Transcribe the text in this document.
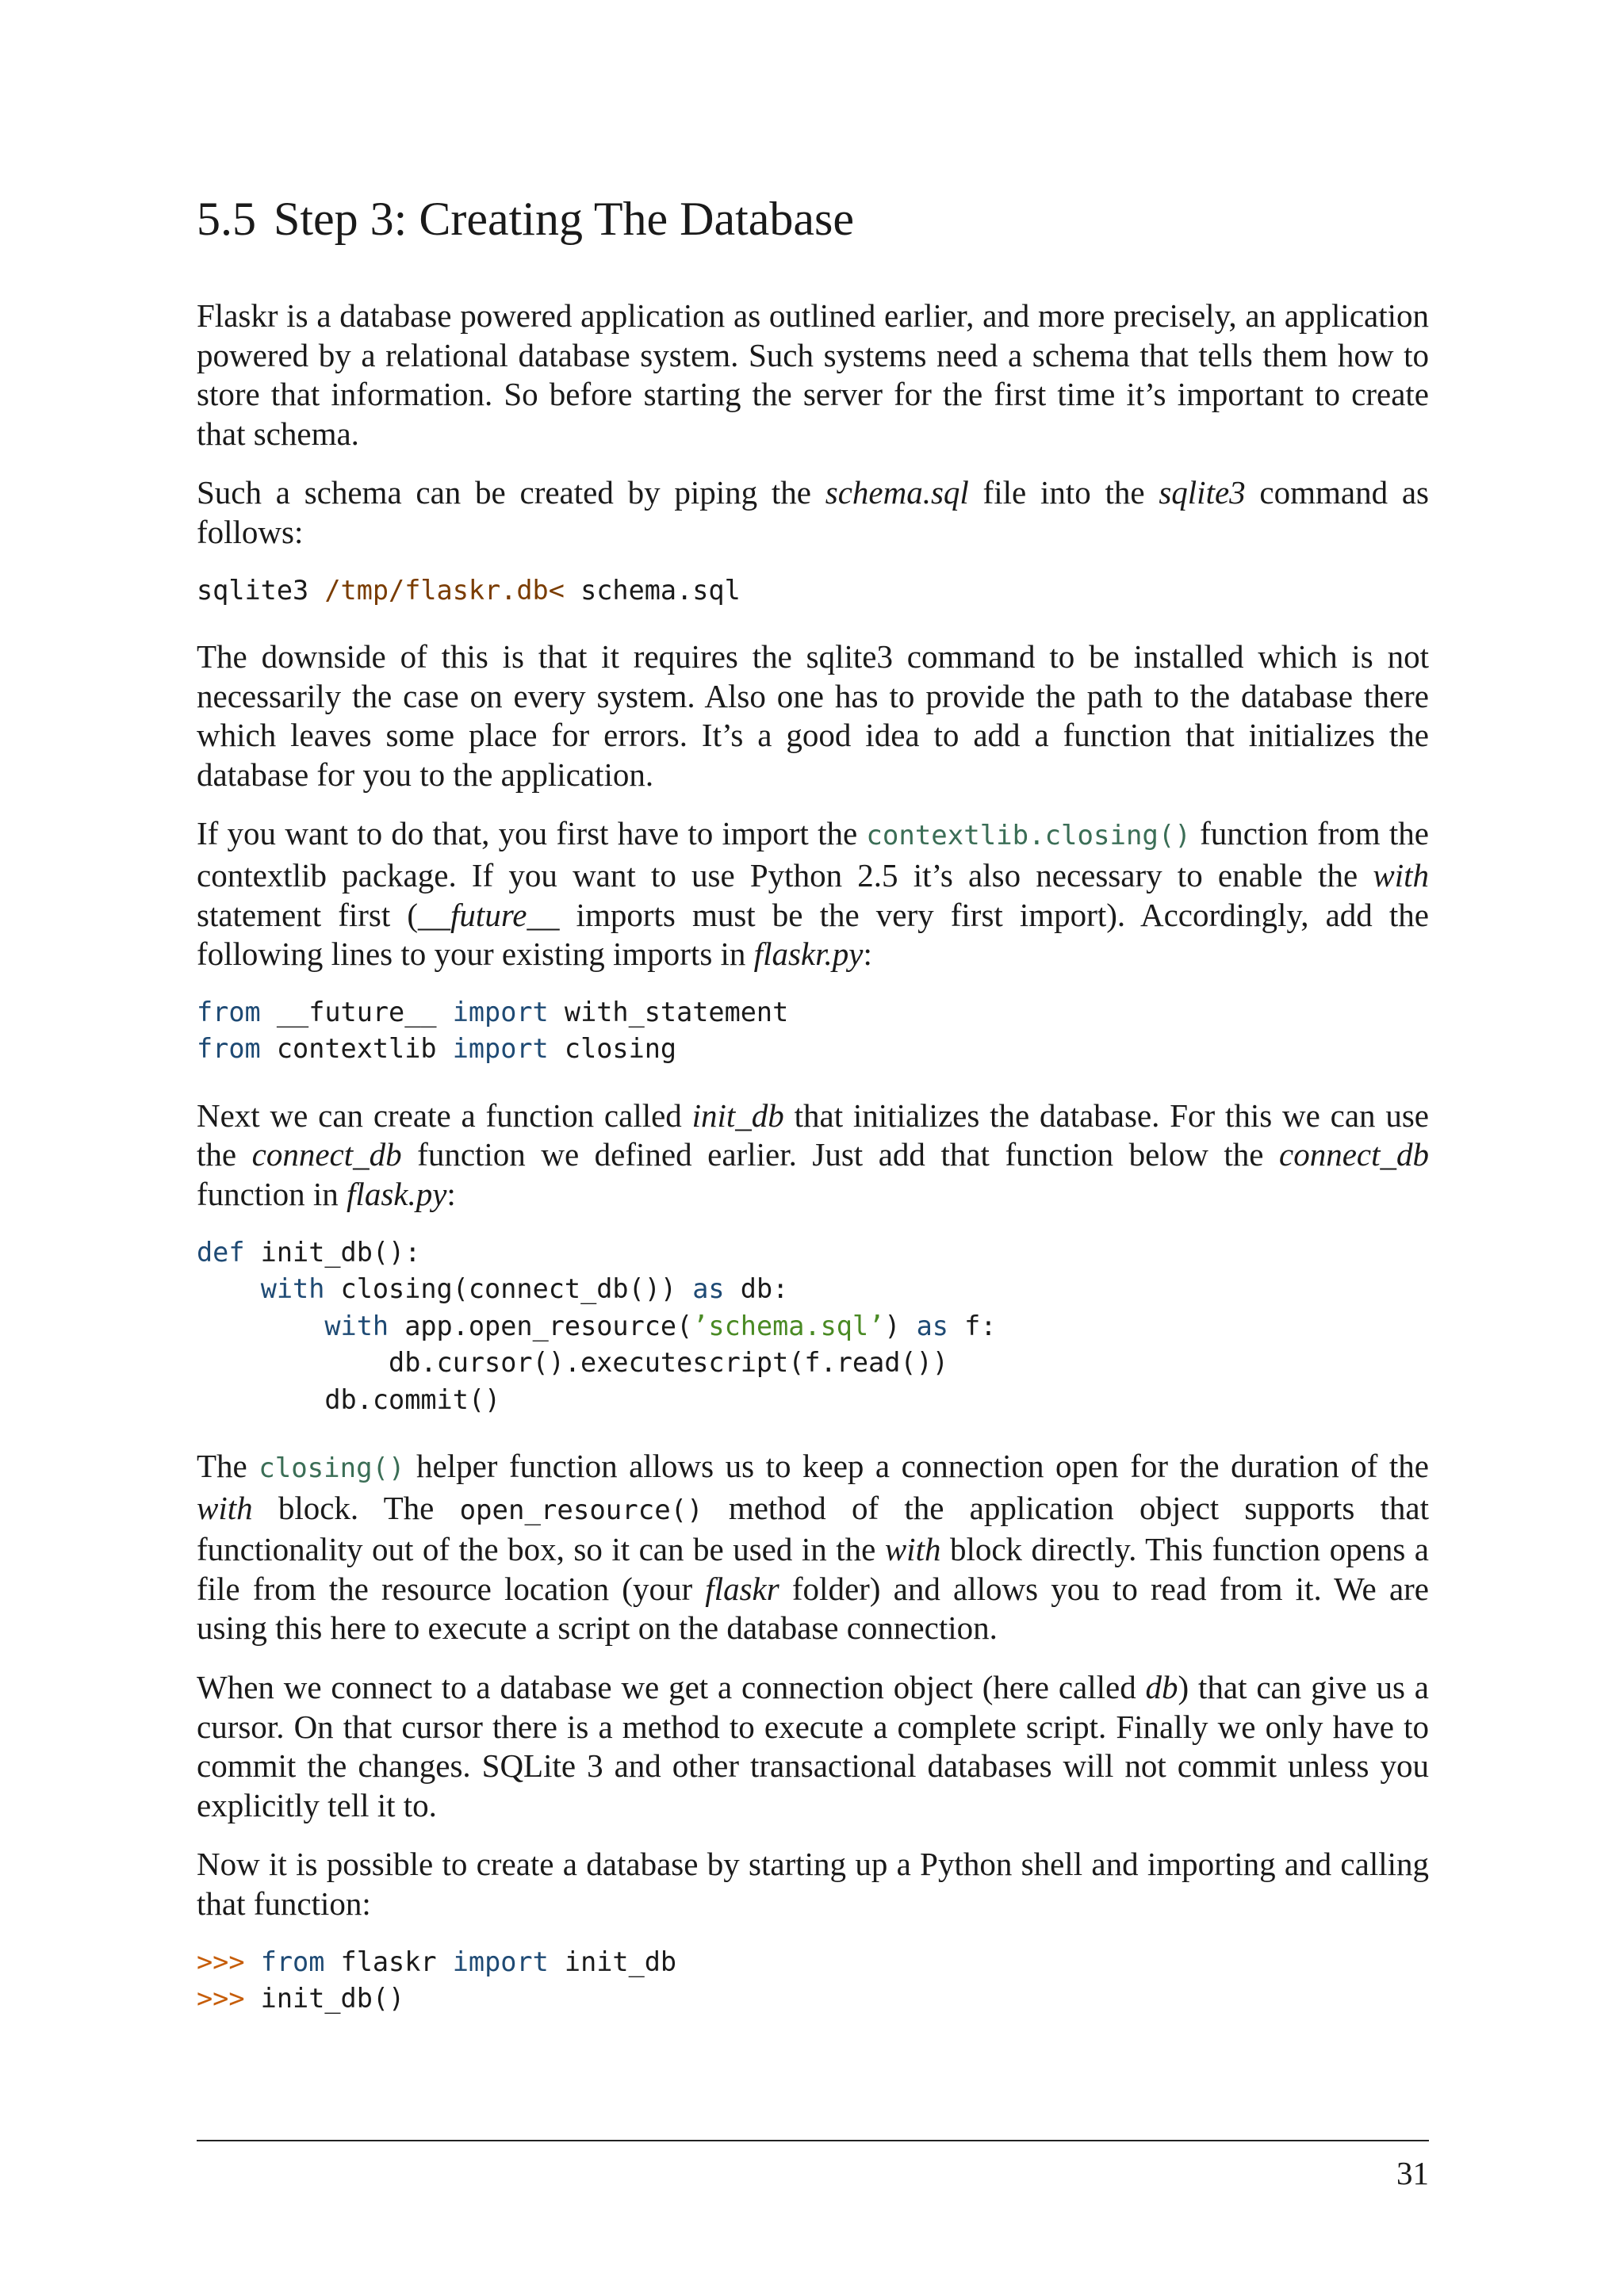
5.5 Step 3: Creating The Database

Flaskr is a database powered application as outlined earlier, and more precisely, an application powered by a relational database system. Such systems need a schema that tells them how to store that information. So before starting the server for the first time it’s important to create that schema.

Such a schema can be created by piping the schema.sql file into the sqlite3 command as follows:

sqlite3 /tmp/flaskr.db< schema.sql

The downside of this is that it requires the sqlite3 command to be installed which is not necessarily the case on every system. Also one has to provide the path to the database there which leaves some place for errors. It’s a good idea to add a function that initializes the database for you to the application.

If you want to do that, you first have to import the contextlib.closing() function from the contextlib package. If you want to use Python 2.5 it’s also necessary to enable the with statement first (__future__ imports must be the very first import). Accordingly, add the following lines to your existing imports in flaskr.py:

from __future__ import with_statement
from contextlib import closing

Next we can create a function called init_db that initializes the database. For this we can use the connect_db function we defined earlier. Just add that function below the connect_db function in flask.py:

def init_db():
with closing(connect_db()) as db:
with app.open_resource(’schema.sql’) as f:
db.cursor().executescript(f.read())
db.commit()

The closing() helper function allows us to keep a connection open for the duration of the with block. The open_resource() method of the application object supports that functionality out of the box, so it can be used in the with block directly. This function opens a file from the resource location (your flaskr folder) and allows you to read from it. We are using this here to execute a script on the database connection.

When we connect to a database we get a connection object (here called db) that can give us a cursor. On that cursor there is a method to execute a complete script. Finally we only have to commit the changes. SQLite 3 and other transactional databases will not commit unless you explicitly tell it to.

Now it is possible to create a database by starting up a Python shell and importing and calling that function:

>>> from flaskr import init_db
>>> init_db()
31
